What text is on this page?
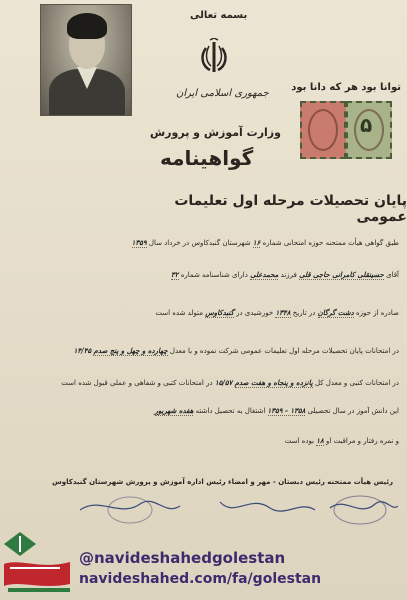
بسمه تعالی
جمهوری اسلامی ایران
وزارت آموزش و پرورش
گواهینامه
پایان تحصیلات مرحله اول تعلیمات عمومی
توانا بود هر که دانا بود
۵
طبق گواهی هیأت ممتحنه حوزه امتحانی شماره ۱۶ شهرستان گنبدکاوس در خرداد سال ۱۳۵۹
آقای حسینقلی کامرانی حاجی قلی فرزند محمدعلی دارای شناسنامه شماره ۳۲
صادره از حوزه دشت گرگان در تاریخ ۱۳۴۸ خورشیدی در گنبدکاوس متولد شده است
در امتحانات پایان تحصیلات مرحله اول تعلیمات عمومی شرکت نموده و با معدل چهارده و چهل و پنج صدم ۱۴/۴۵
در امتحانات کتبی و معدل کل پانزده و پنجاه و هفت صدم ۱۵/۵۷ در امتحانات کتبی و شفاهی و عملی قبول شده است
این دانش آموز در سال تحصیلی ۱۳۵۸ - ۱۳۵۹ اشتغال به تحصیل داشته هفده شهریور
و نمره رفتار و مراقبت او ۱۸ بوده است
رئیس هیأت ممتحنه رئیس دبستان - مهر و امضاء رئیس اداره آموزش و پرورش شهرستان گنبدکاوس
@navideshahedgolestan
navideshahed.com/fa/golestan
